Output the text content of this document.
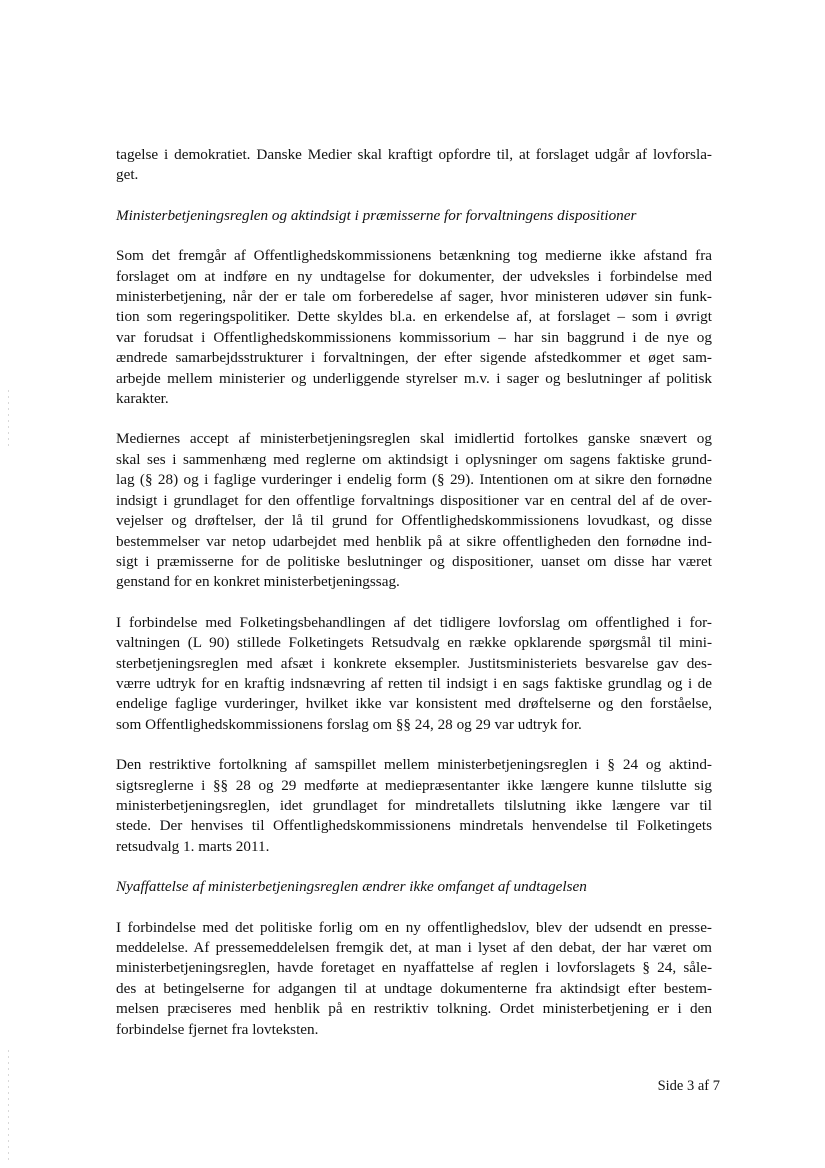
tagelse i demokratiet. Danske Medier skal kraftigt opfordre til, at forslaget udgår af lovforsla-
get.
Ministerbetjeningsreglen og aktindsigt i præmisserne for forvaltningens dispositioner
Som det fremgår af Offentlighedskommissionens betænkning tog medierne ikke afstand fra
forslaget om at indføre en ny undtagelse for dokumenter, der udveksles i forbindelse med
ministerbetjening, når der er tale om forberedelse af sager, hvor ministeren udøver sin funk-
tion som regeringspolitiker. Dette skyldes bl.a. en erkendelse af, at forslaget – som i øvrigt
var forudsat i Offentlighedskommissionens kommissorium – har sin baggrund i de nye og
ændrede samarbejdsstrukturer i forvaltningen, der efter sigende afstedkommer et øget sam-
arbejde mellem ministerier og underliggende styrelser m.v. i sager og beslutninger af politisk
karakter.
Mediernes accept af ministerbetjeningsreglen skal imidlertid fortolkes ganske snævert og
skal ses i sammenhæng med reglerne om aktindsigt i oplysninger om sagens faktiske grund-
lag (§ 28) og i faglige vurderinger i endelig form (§ 29). Intentionen om at sikre den fornødne
indsigt i grundlaget for den offentlige forvaltnings dispositioner var en central del af de over-
vejelser og drøftelser, der lå til grund for Offentlighedskommissionens lovudkast, og disse
bestemmelser var netop udarbejdet med henblik på at sikre offentligheden den fornødne ind-
sigt i præmisserne for de politiske beslutninger og dispositioner, uanset om disse har været
genstand for en konkret ministerbetjeningssag.
I forbindelse med Folketingsbehandlingen af det tidligere lovforslag om offentlighed i for-
valtningen (L 90) stillede Folketingets Retsudvalg en række opklarende spørgsmål til mini-
sterbetjeningsreglen med afsæt i konkrete eksempler. Justitsministeriets besvarelse gav des-
værre udtryk for en kraftig indsnævring af retten til indsigt i en sags faktiske grundlag og i de
endelige faglige vurderinger, hvilket ikke var konsistent med drøftelserne og den forståelse,
som Offentlighedskommissionens forslag om §§ 24, 28 og 29 var udtryk for.
Den restriktive fortolkning af samspillet mellem ministerbetjeningsreglen i § 24 og aktind-
sigtsreglerne i §§ 28 og 29 medførte at mediepræsentanter ikke længere kunne tilslutte sig
ministerbetjeningsreglen, idet grundlaget for mindretallets tilslutning ikke længere var til
stede. Der henvises til Offentlighedskommissionens mindretals henvendelse til Folketingets
retsudvalg 1. marts 2011.
Nyaffattelse af ministerbetjeningsreglen ændrer ikke omfanget af undtagelsen
I forbindelse med det politiske forlig om en ny offentlighedslov, blev der udsendt en presse-
meddelelse. Af pressemeddelelsen fremgik det, at man i lyset af den debat, der har været om
ministerbetjeningsreglen, havde foretaget en nyaffattelse af reglen i lovforslagets § 24, såle-
des at betingelserne for adgangen til at undtage dokumenterne fra aktindsigt efter bestem-
melsen præciseres med henblik på en restriktiv tolkning. Ordet ministerbetjening er i den
forbindelse fjernet fra lovteksten.
Side 3 af 7
